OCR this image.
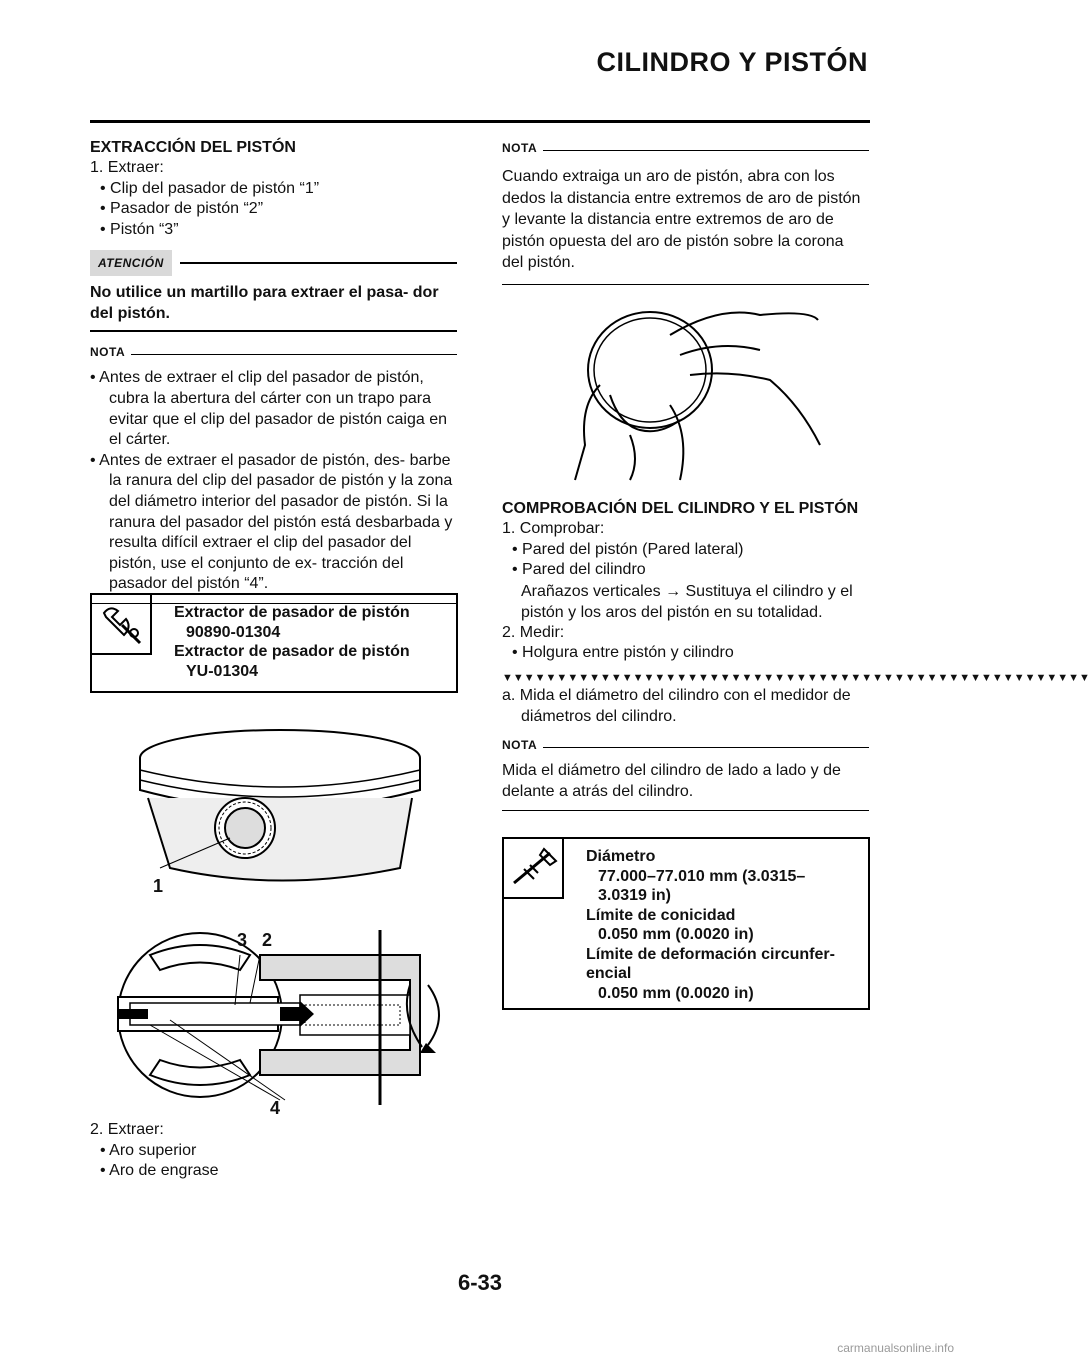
CILINDRO Y PISTÓN
EXTRACCIÓN DEL PISTÓN
1. Extraer:
• Clip del pasador de pistón “1”
• Pasador de pistón “2”
• Pistón “3”
ATENCIÓN
No utilice un martillo para extraer el pasa- dor del pistón.
NOTA
• Antes de extraer el clip del pasador de pistón, cubra la abertura del cárter con un trapo para evitar que el clip del pasador de pistón caiga en el cárter.
• Antes de extraer el pasador de pistón, des- barbe la ranura del clip del pasador de pistón y la zona del diámetro interior del pasador de pistón. Si la ranura del pasador del pistón está desbarbada y resulta difícil extraer el clip del pasador del pistón, use el conjunto de ex- tracción del pasador del pistón “4”.
Extractor de pasador de pistón
90890-01304
Extractor de pasador de pistón
YU-01304
1
3 2
4
2. Extraer:
• Aro superior
• Aro de engrase
NOTA
Cuando extraiga un aro de pistón, abra con los dedos la distancia entre extremos de aro de pistón y levante la distancia entre extremos de aro de pistón opuesta del aro de pistón sobre la corona del pistón.
COMPROBACIÓN DEL CILINDRO Y EL PISTÓN
1. Comprobar:
• Pared del pistón (Pared lateral)
• Pared del cilindro
Arañazos verticales → Sustituya el cilindro y el pistón y los aros del pistón en su totalidad.
2. Medir:
• Holgura entre pistón y cilindro
▼▼▼▼▼▼▼▼▼▼▼▼▼▼▼▼▼▼▼▼▼▼▼▼▼▼▼▼▼▼▼▼▼▼▼▼▼▼▼▼▼▼▼▼▼▼▼▼▼▼▼▼▼▼
a. Mida el diámetro del cilindro con el medidor de diámetros del cilindro.
NOTA
Mida el diámetro del cilindro de lado a lado y de delante a atrás del cilindro.
Diámetro
77.000–77.010 mm (3.0315–
3.0319 in)
Límite de conicidad
0.050 mm (0.0020 in)
Límite de deformación circunfer-
encial
0.050 mm (0.0020 in)
6-33
carmanualsonline.info
